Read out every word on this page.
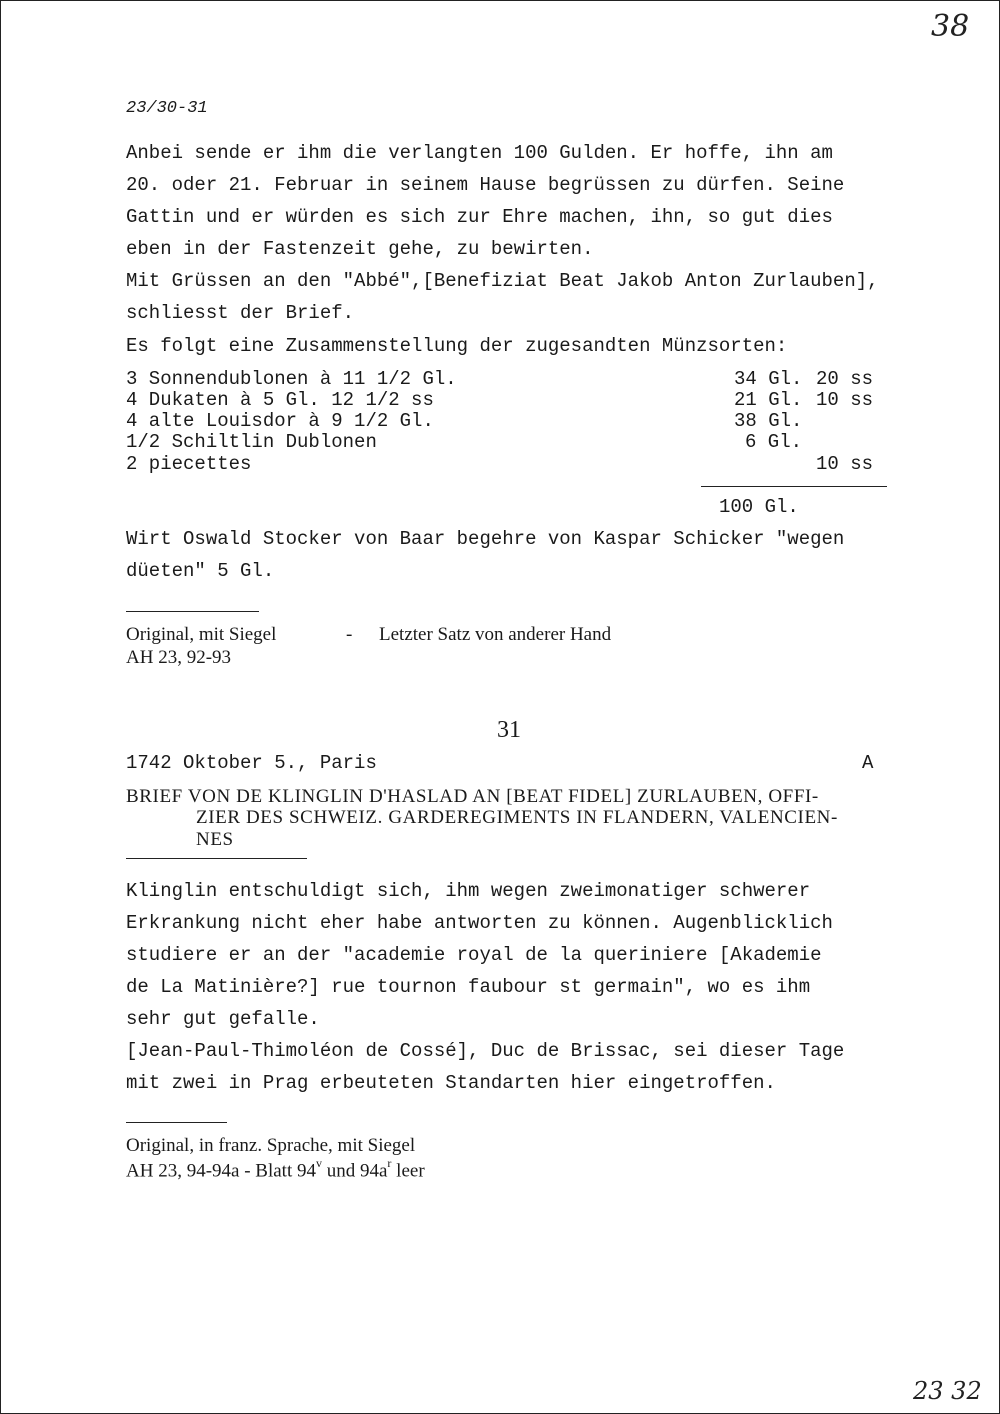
38
23/30-31
Anbei sende er ihm die verlangten 100 Gulden. Er hoffe, ihn am
20. oder 21. Februar in seinem Hause begrüssen zu dürfen. Seine
Gattin und er würden es sich zur Ehre machen, ihn, so gut dies
eben in der Fastenzeit gehe, zu bewirten.
Mit Grüssen an den "Abbé",[Benefiziat Beat Jakob Anton Zurlauben],
schliesst der Brief.
Es folgt eine Zusammenstellung der zugesandten Münzsorten:
3 Sonnendublonen à 11 1/2 Gl.	34 Gl. 20 ss
4 Dukaten à 5 Gl. 12 1/2 ss	21 Gl. 10 ss
4 alte Louisdor à 9 1/2 Gl.	38 Gl.
1/2 Schiltlin Dublonen	6 Gl.
2 piecettes	10 ss
100 Gl.
Wirt Oswald Stocker von Baar begehre von Kaspar Schicker "wegen
düeten" 5 Gl.
Original, mit Siegel	- Letzter Satz von anderer Hand
AH 23, 92-93
31
1742 Oktober 5., Paris	A
BRIEF VON DE KLINGLIN D'HASLAD AN [BEAT FIDEL] ZURLAUBEN, OFFI-
ZIER DES SCHWEIZ. GARDEREGIMENTS IN FLANDERN, VALENCIEN-
NES
Klinglin entschuldigt sich, ihm wegen zweimonatiger schwerer
Erkrankung nicht eher habe antworten zu können. Augenblicklich
studiere er an der "academie royal de la queriniere [Akademie
de La Matinière?] rue tournon faubour st germain", wo es ihm
sehr gut gefalle.
[Jean-Paul-Thimoléon de Cossé], Duc de Brissac, sei dieser Tage
mit zwei in Prag erbeuteten Standarten hier eingetroffen.
Original, in franz. Sprache, mit Siegel
AH 23, 94-94a - Blatt 94$^v$ und $94a^r$ leer
23 32
